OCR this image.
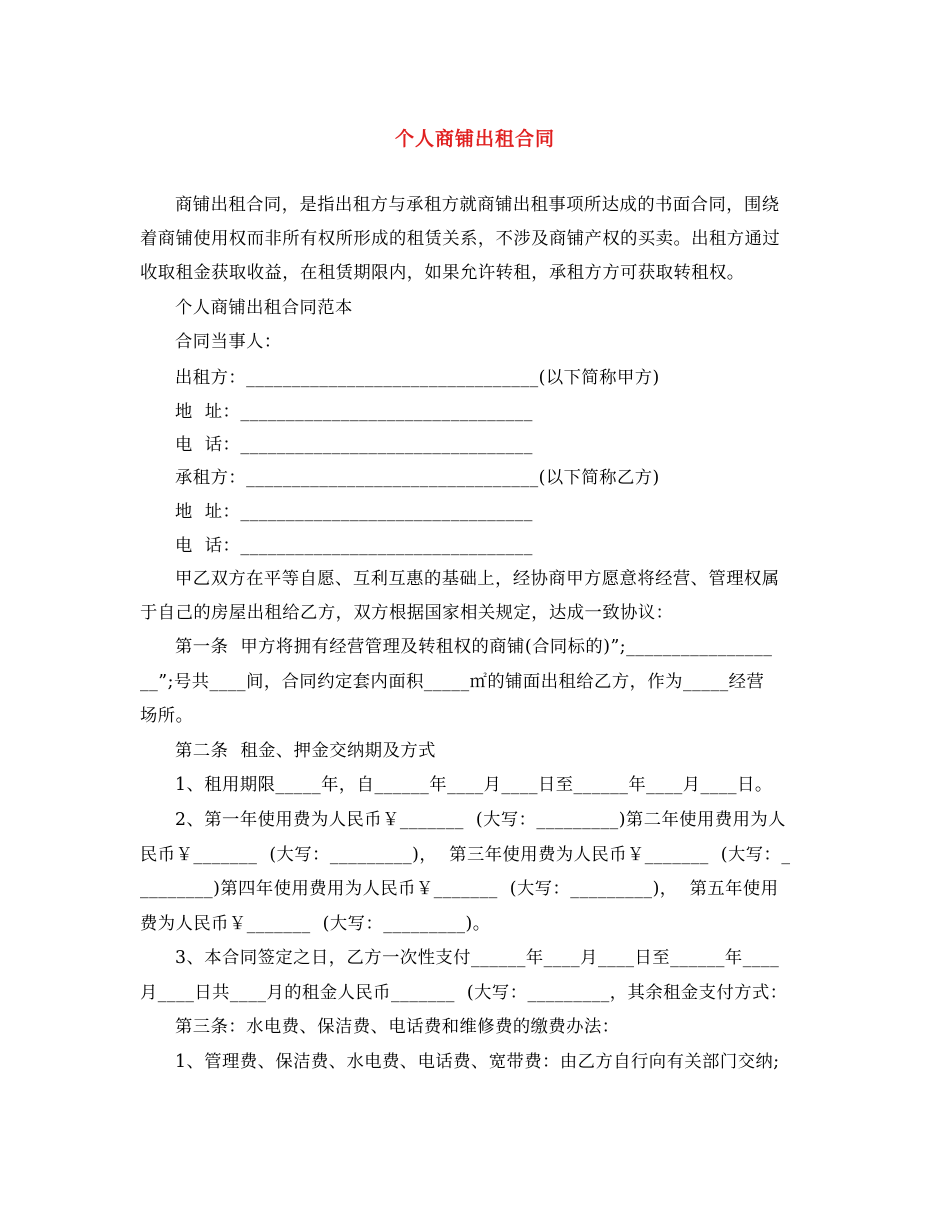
个人商铺出租合同
商铺出租合同，是指出租方与承租方就商铺出租事项所达成的书面合同，围绕
着商铺使用权而非所有权所形成的租赁关系，不涉及商铺产权的买卖。出租方通过
收取租金获取收益，在租赁期限内，如果允许转租，承租方方可获取转租权。
个人商铺出租合同范本
合同当事人：
出租方：________________________________(以下简称甲方)
地  址：________________________________
电  话：________________________________
承租方：________________________________(以下简称乙方)
地  址：________________________________
电  话：________________________________
甲乙双方在平等自愿、互利互惠的基础上，经协商甲方愿意将经营、管理权属
于自己的房屋出租给乙方，双方根据国家相关规定，达成一致协议：
第一条  甲方将拥有经营管理及转租权的商铺(合同标的)”;________________
__”;号共____间，合同约定套内面积_____㎡的铺面出租给乙方，作为_____经营
场所。
第二条  租金、押金交纳期及方式
1、租用期限_____年，自______年____月____日至______年____月____日。
2、第一年使用费为人民币￥_______  (大写：_________)第二年使用费用为人
民币￥_______  (大写：_________)，  第三年使用费为人民币￥_______  (大写：_
________)第四年使用费用为人民币￥_______  (大写：_________)，  第五年使用
费为人民币￥_______  (大写：_________)。
3、本合同签定之日，乙方一次性支付______年____月____日至______年____
月____日共____月的租金人民币_______  (大写：_________，其余租金支付方式：
第三条：水电费、保洁费、电话费和维修费的缴费办法：
1、管理费、保洁费、水电费、电话费、宽带费：由乙方自行向有关部门交纳;
